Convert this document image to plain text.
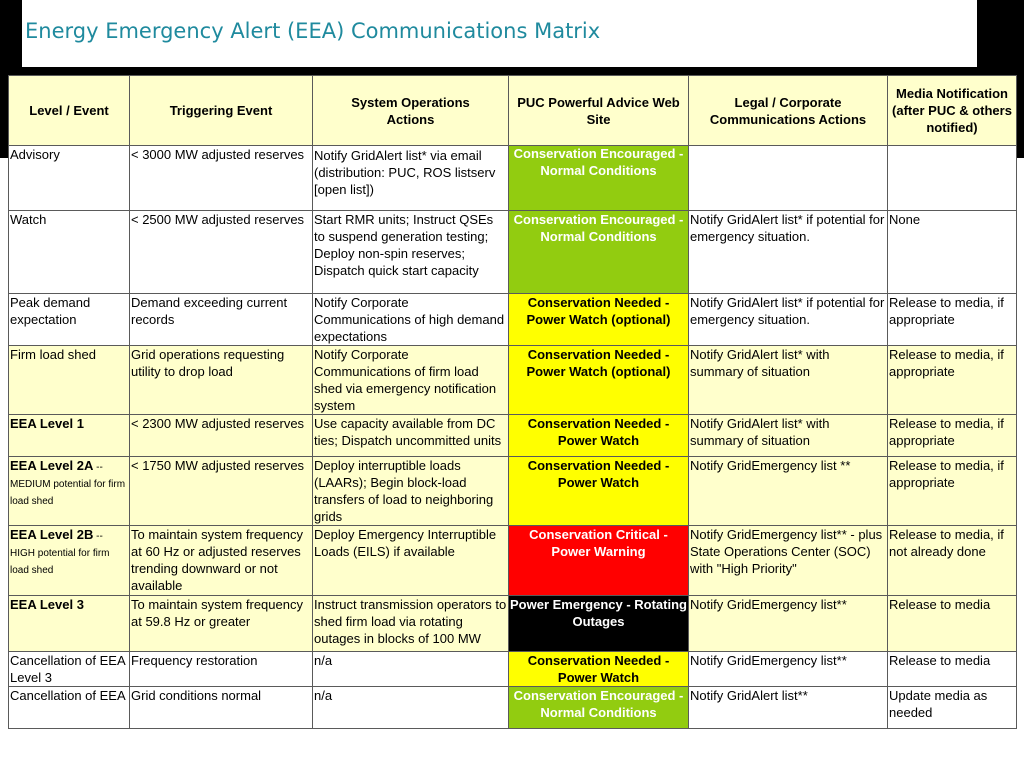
Energy Emergency Alert (EEA) Communications Matrix
Advisory	< 3000 MW adjusted reserves	Notify GridAlert list* via email (distribution: PUC, ROS listserv [open list])	Conservation Encouraged - Normal Conditions		
Watch	< 2500 MW adjusted reserves	Start RMR units; Instruct QSEs to suspend generation testing; Deploy non-spin reserves; Dispatch quick start capacity	Conservation Encouraged - Normal Conditions	Notify GridAlert list* if potential for emergency situation.	None
Peak demand expectation	Demand exceeding current records	Notify Corporate Communications of high demand expectations	Conservation Needed - Power Watch (optional)	Notify GridAlert list* if potential for emergency situation.	Release to media, if appropriate
Firm load shed	Grid operations requesting utility to drop load	Notify Corporate Communications of firm load shed via emergency notification system	Conservation Needed - Power Watch (optional)	Notify GridAlert list* with summary of situation	Release to media, if appropriate
EEA Level 1	< 2300 MW adjusted reserves	Use capacity available from DC ties; Dispatch uncommitted units	Conservation Needed - Power Watch	Notify GridAlert list* with summary of situation	Release to media, if appropriate
EEA Level 2A -- MEDIUM potential for firm load shed	< 1750 MW adjusted reserves	Deploy interruptible loads (LAARs); Begin block-load transfers of load to neighboring grids	Conservation Needed - Power Watch	Notify GridEmergency list **	Release to media, if appropriate
EEA Level 2B -- HIGH potential for firm load shed	To maintain system frequency at 60 Hz or adjusted reserves trending downward or not available	Deploy Emergency Interruptible Loads (EILS) if available	Conservation Critical - Power Warning	Notify GridEmergency list** - plus State Operations Center (SOC) with "High Priority"	Release to media, if not already done
EEA Level 3	To maintain system frequency at 59.8 Hz or greater	Instruct transmission operators to shed firm load via rotating outages in blocks of 100 MW	Power Emergency - Rotating Outages	Notify GridEmergency list**	Release to media
Cancellation of EEA Level 3	Frequency restoration	n/a	Conservation Needed - Power Watch	Notify GridEmergency list**	Release to media
Cancellation of EEA	Grid conditions normal	n/a	Conservation Encouraged - Normal Conditions	Notify GridAlert list**	Update media as needed
Level / Event	Triggering Event	System Operations Actions	PUC Powerful Advice Web Site	Legal / Corporate Communications Actions	Media Notification (after PUC & others notified)
